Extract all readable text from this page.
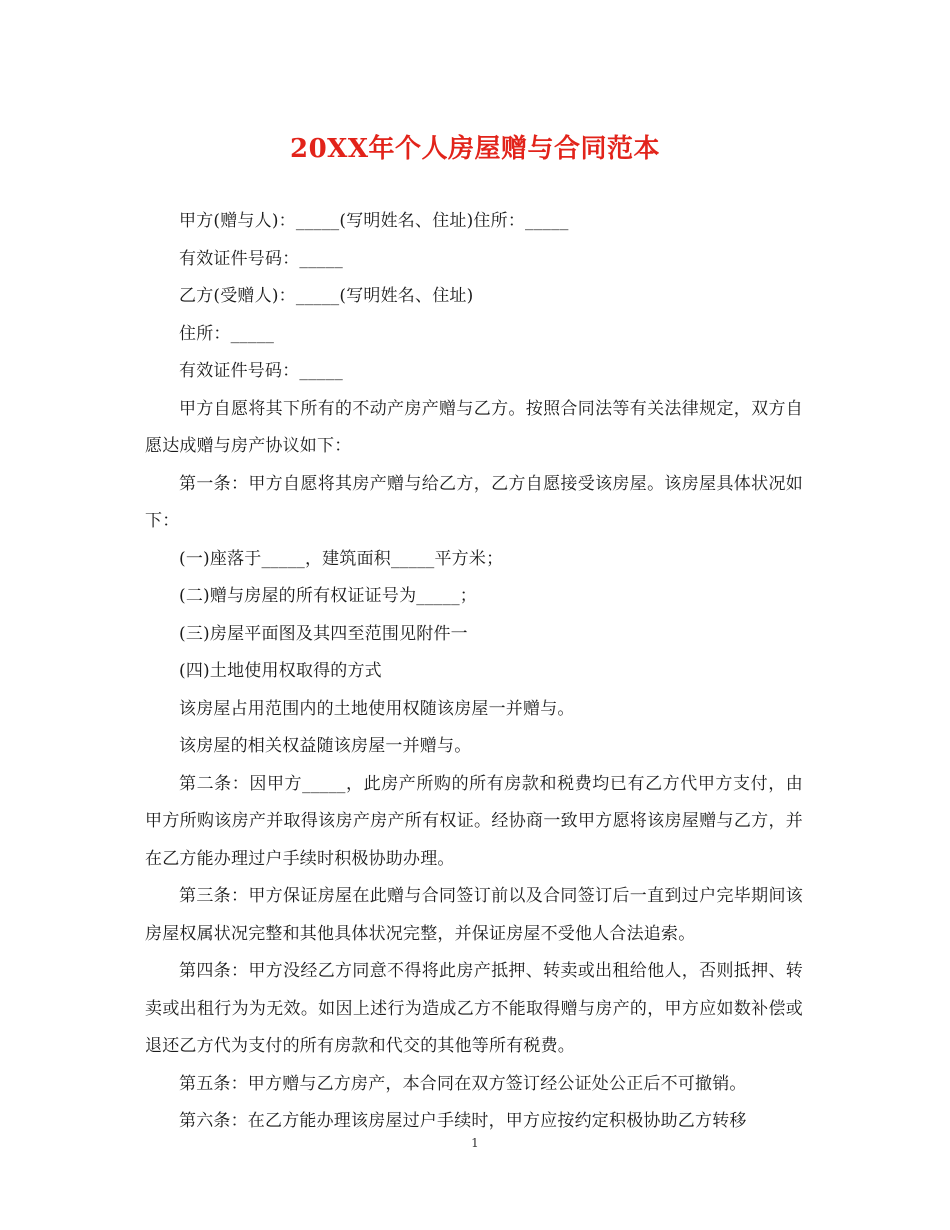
20XX年个人房屋赠与合同范本

甲方(赠与人)：_____(写明姓名、住址)住所：_____

有效证件号码：_____

乙方(受赠人)：_____(写明姓名、住址)

住所：_____

有效证件号码：_____

甲方自愿将其下所有的不动产房产赠与乙方。按照合同法等有关法律规定，双方自愿达成赠与房产协议如下：

第一条：甲方自愿将其房产赠与给乙方，乙方自愿接受该房屋。该房屋具体状况如下：

(一)座落于_____，建筑面积_____平方米；

(二)赠与房屋的所有权证证号为_____；

(三)房屋平面图及其四至范围见附件一

(四)土地使用权取得的方式

该房屋占用范围内的土地使用权随该房屋一并赠与。

该房屋的相关权益随该房屋一并赠与。

第二条：因甲方_____，此房产所购的所有房款和税费均已有乙方代甲方支付，由甲方所购该房产并取得该房产房产所有权证。经协商一致甲方愿将该房屋赠与乙方，并在乙方能办理过户手续时积极协助办理。

第三条：甲方保证房屋在此赠与合同签订前以及合同签订后一直到过户完毕期间该房屋权属状况完整和其他具体状况完整，并保证房屋不受他人合法追索。

第四条：甲方没经乙方同意不得将此房产抵押、转卖或出租给他人，否则抵押、转卖或出租行为为无效。如因上述行为造成乙方不能取得赠与房产的，甲方应如数补偿或退还乙方代为支付的所有房款和代交的其他等所有税费。

第五条：甲方赠与乙方房产，本合同在双方签订经公证处公正后不可撤销。

第六条：在乙方能办理该房屋过户手续时，甲方应按约定积极协助乙方转移

1
